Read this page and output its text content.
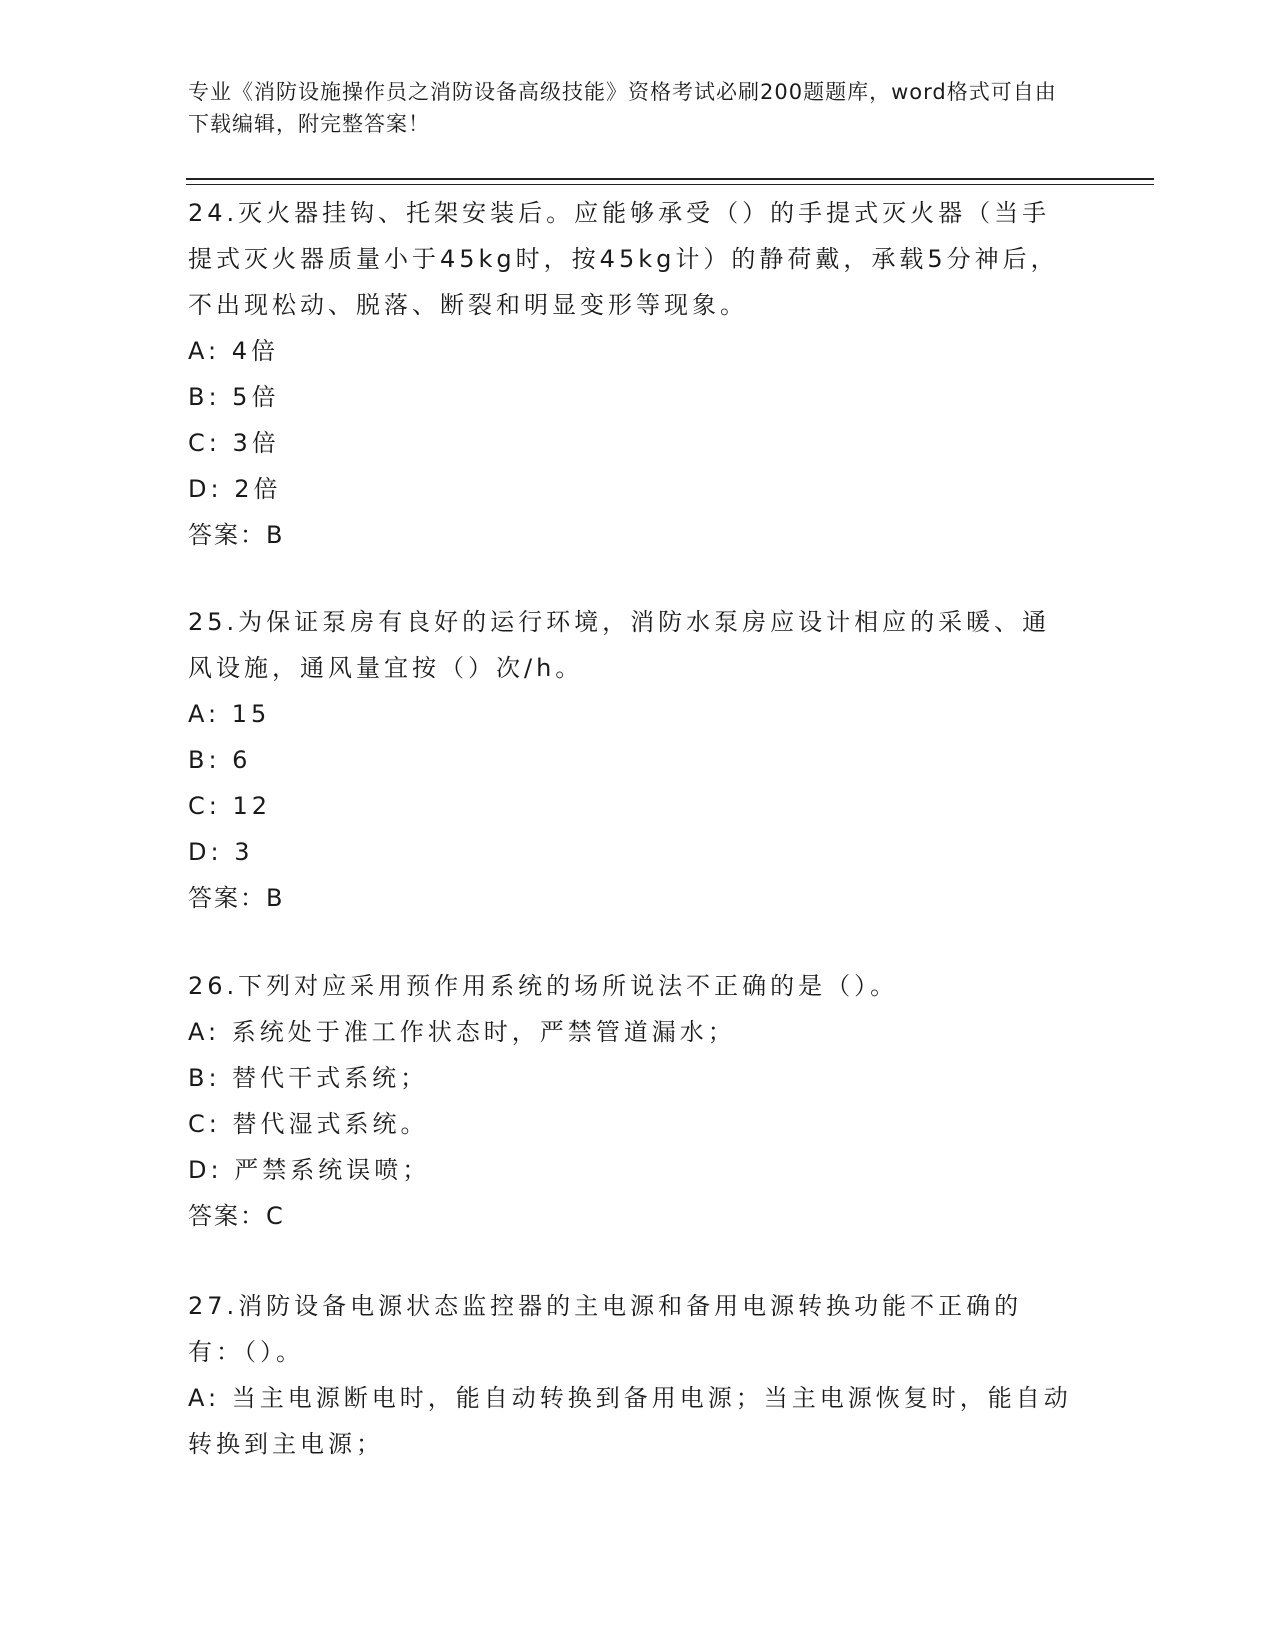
专业《消防设施操作员之消防设备高级技能》资格考试必刷200题题库，word格式可自由下载编辑，附完整答案！

24.灭火器挂钩、托架安装后。应能够承受（）的手提式灭火器（当手提式灭火器质量小于45kg时，按45kg计）的静荷戴，承载5分神后，不出现松动、脱落、断裂和明显变形等现象。

A: 4倍

B: 5倍

C: 3倍

D: 2倍

答案：B

25.为保证泵房有良好的运行环境，消防水泵房应设计相应的采暖、通风设施，通风量宜按（）次/h。

A: 15

B: 6

C: 12

D: 3

答案：B

26.下列对应采用预作用系统的场所说法不正确的是（）。

A: 系统处于准工作状态时，严禁管道漏水；

B: 替代干式系统；

C: 替代湿式系统。

D: 严禁系统误喷；

答案：C

27.消防设备电源状态监控器的主电源和备用电源转换功能不正确的有：（）。

A: 当主电源断电时，能自动转换到备用电源；当主电源恢复时，能自动转换到主电源；
